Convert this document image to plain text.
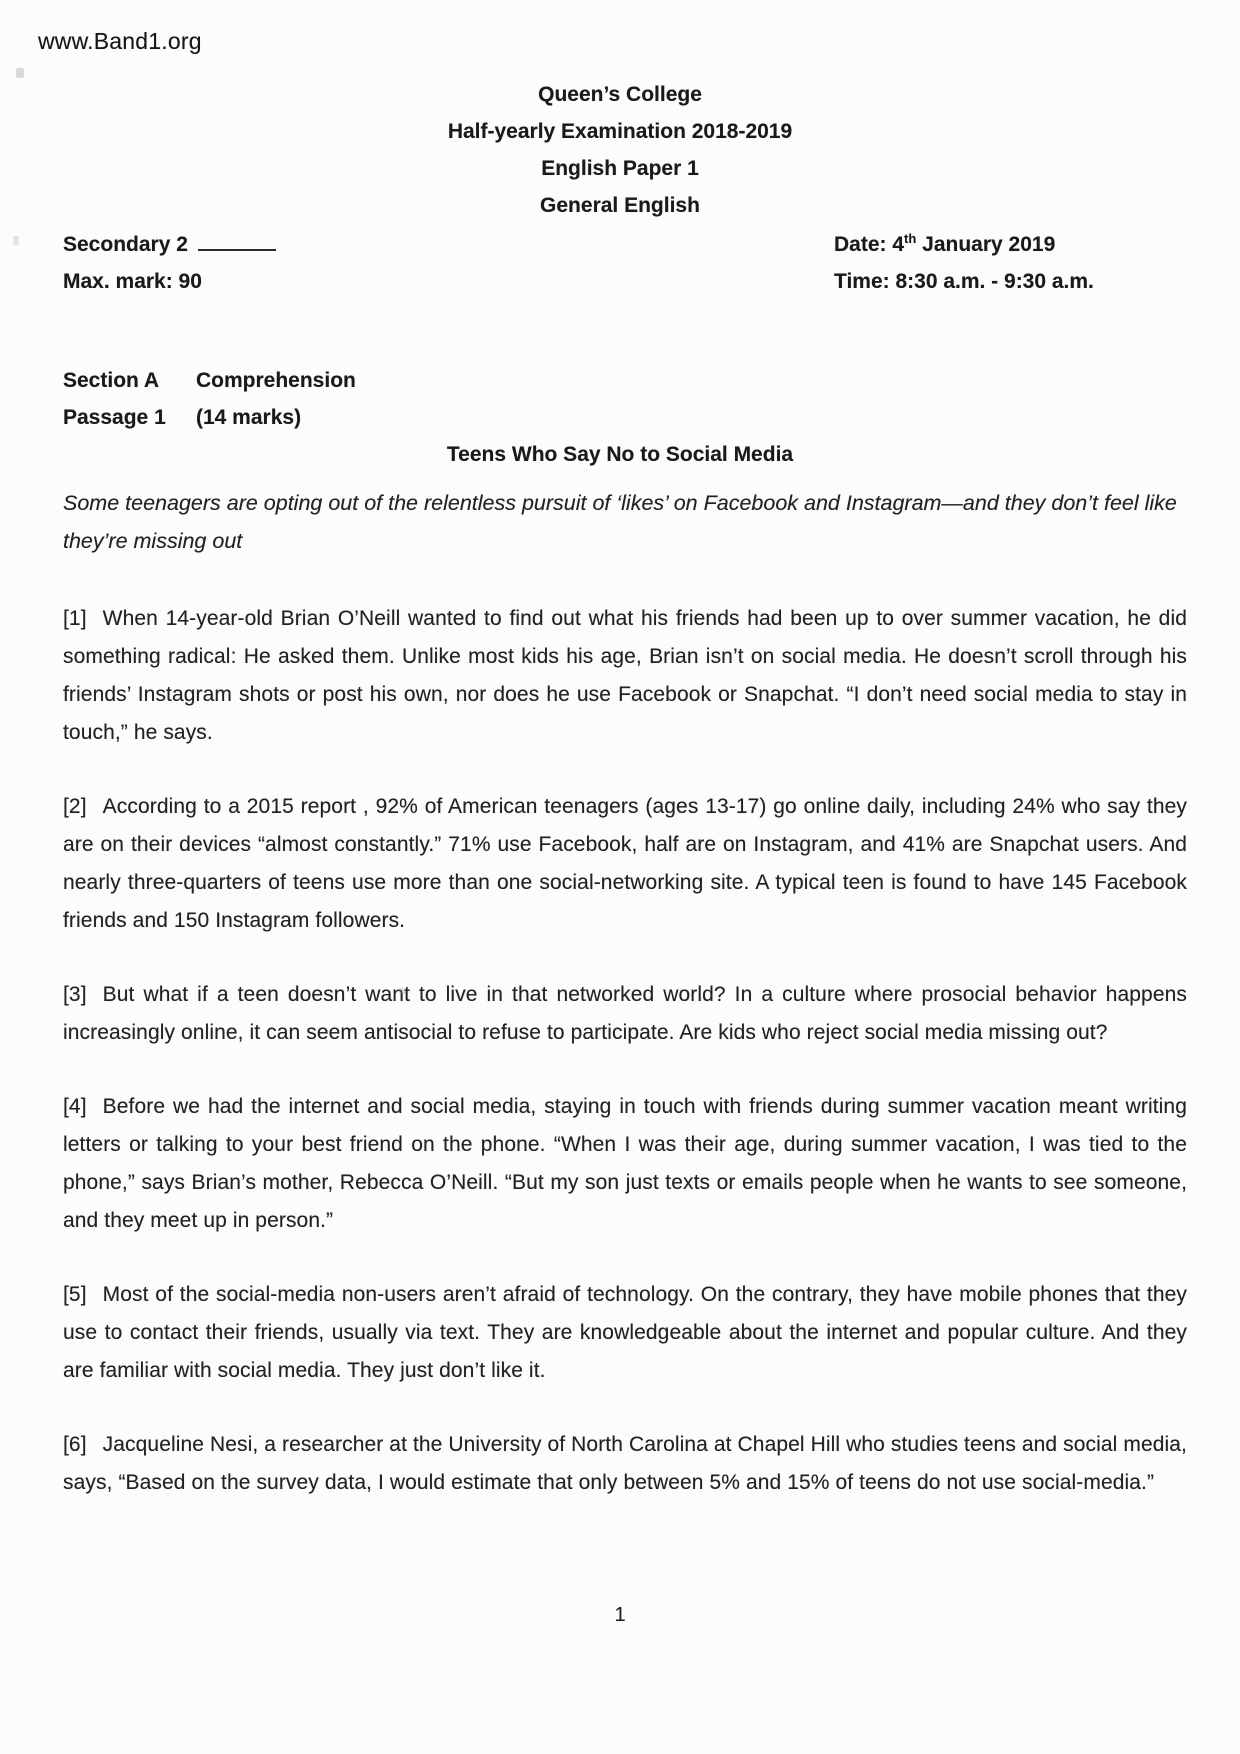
www.Band1.org
Queen’s College
Half-yearly Examination 2018-2019
English Paper 1
General English
Secondary 2
Max. mark: 90
Date: 4th January 2019
Time: 8:30 a.m. - 9:30 a.m.
Section A Comprehension
Passage 1 (14 marks)
Teens Who Say No to Social Media
Some teenagers are opting out of the relentless pursuit of ‘likes’ on Facebook and Instagram—and they don’t feel like they’re missing out
[1] When 14-year-old Brian O’Neill wanted to find out what his friends had been up to over summer vacation, he did something radical: He asked them. Unlike most kids his age, Brian isn’t on social media. He doesn’t scroll through his friends’ Instagram shots or post his own, nor does he use Facebook or Snapchat. “I don’t need social media to stay in touch,” he says.
[2] According to a 2015 report , 92% of American teenagers (ages 13-17) go online daily, including 24% who say they are on their devices “almost constantly.” 71% use Facebook, half are on Instagram, and 41% are Snapchat users. And nearly three-quarters of teens use more than one social-networking site. A typical teen is found to have 145 Facebook friends and 150 Instagram followers.
[3] But what if a teen doesn’t want to live in that networked world? In a culture where prosocial behavior happens increasingly online, it can seem antisocial to refuse to participate. Are kids who reject social media missing out?
[4] Before we had the internet and social media, staying in touch with friends during summer vacation meant writing letters or talking to your best friend on the phone. “When I was their age, during summer vacation, I was tied to the phone,” says Brian’s mother, Rebecca O’Neill. “But my son just texts or emails people when he wants to see someone, and they meet up in person.”
[5] Most of the social-media non-users aren’t afraid of technology. On the contrary, they have mobile phones that they use to contact their friends, usually via text. They are knowledgeable about the internet and popular culture. And they are familiar with social media. They just don’t like it.
[6] Jacqueline Nesi, a researcher at the University of North Carolina at Chapel Hill who studies teens and social media, says, “Based on the survey data, I would estimate that only between 5% and 15% of teens do not use social-media.”
1
